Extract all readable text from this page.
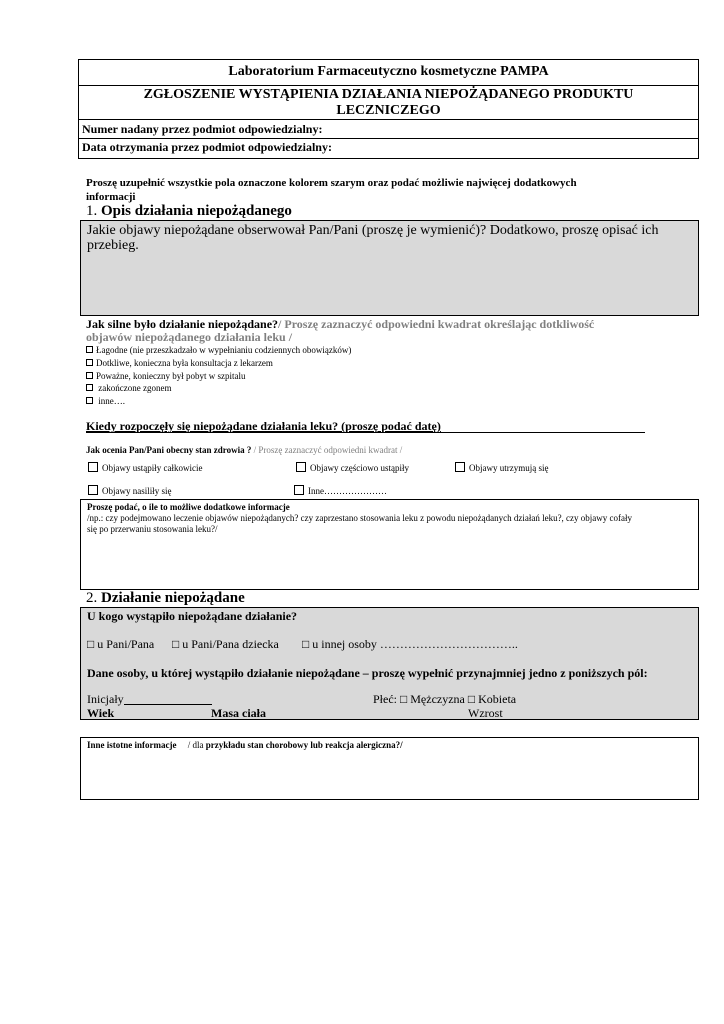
Laboratorium Farmaceutyczno kosmetyczne PAMPA
ZGŁOSZENIE WYSTĄPIENIA DZIAŁANIA NIEPOŻĄDANEGO PRODUKTU
LECZNICZEGO
Numer nadany przez podmiot odpowiedzialny:
Data otrzymania przez podmiot odpowiedzialny:
Proszę uzupełnić wszystkie pola oznaczone kolorem szarym oraz podać możliwie najwięcej dodatkowych
informacji
1. Opis działania niepożądanego
Jakie objawy niepożądane obserwował Pan/Pani (proszę je wymienić)? Dodatkowo, proszę opisać ich
przebieg.
Jak silne było działanie niepożądane?/ Proszę zaznaczyć odpowiedni kwadrat określając dotkliwość
objawów niepożądanego działania leku /
Łagodne (nie przeszkadzało w wypełnianiu codziennych obowiązków)
Dotkliwe, konieczna była konsultacja z lekarzem
Poważne, konieczny był pobyt w szpitalu
zakończone zgonem
inne….
Kiedy rozpoczęły się niepożądane działania leku? (proszę podać datę)
Jak ocenia Pan/Pani obecny stan zdrowia ? / Proszę zaznaczyć odpowiedni kwadrat /
Objawy ustąpiły całkowicie	Objawy częściowo ustąpiły	Objawy utrzymują się
Objawy nasiliły się	Inne…………………
Proszę podać, o ile to możliwe dodatkowe informacje
/np.: czy podejmowano leczenie objawów niepożądanych? czy zaprzestano stosowania leku z powodu niepożądanych działań leku?, czy objawy cofały
się po przerwaniu stosowania leku?/
2. Działanie niepożądane
U kogo wystąpiło niepożądane działanie?
□ u Pani/Pana □ u Pani/Pana dziecka □ u innej osoby ……………………………..
Dane osoby, u której wystąpiło działanie niepożądane – proszę wypełnić przynajmniej jedno z poniższych pól:
Inicjały	Płeć: □ Mężczyzna □ Kobieta
Wiek	Masa ciała	Wzrost
Inne istotne informacje / dla przykładu stan chorobowy lub reakcja alergiczna?/
